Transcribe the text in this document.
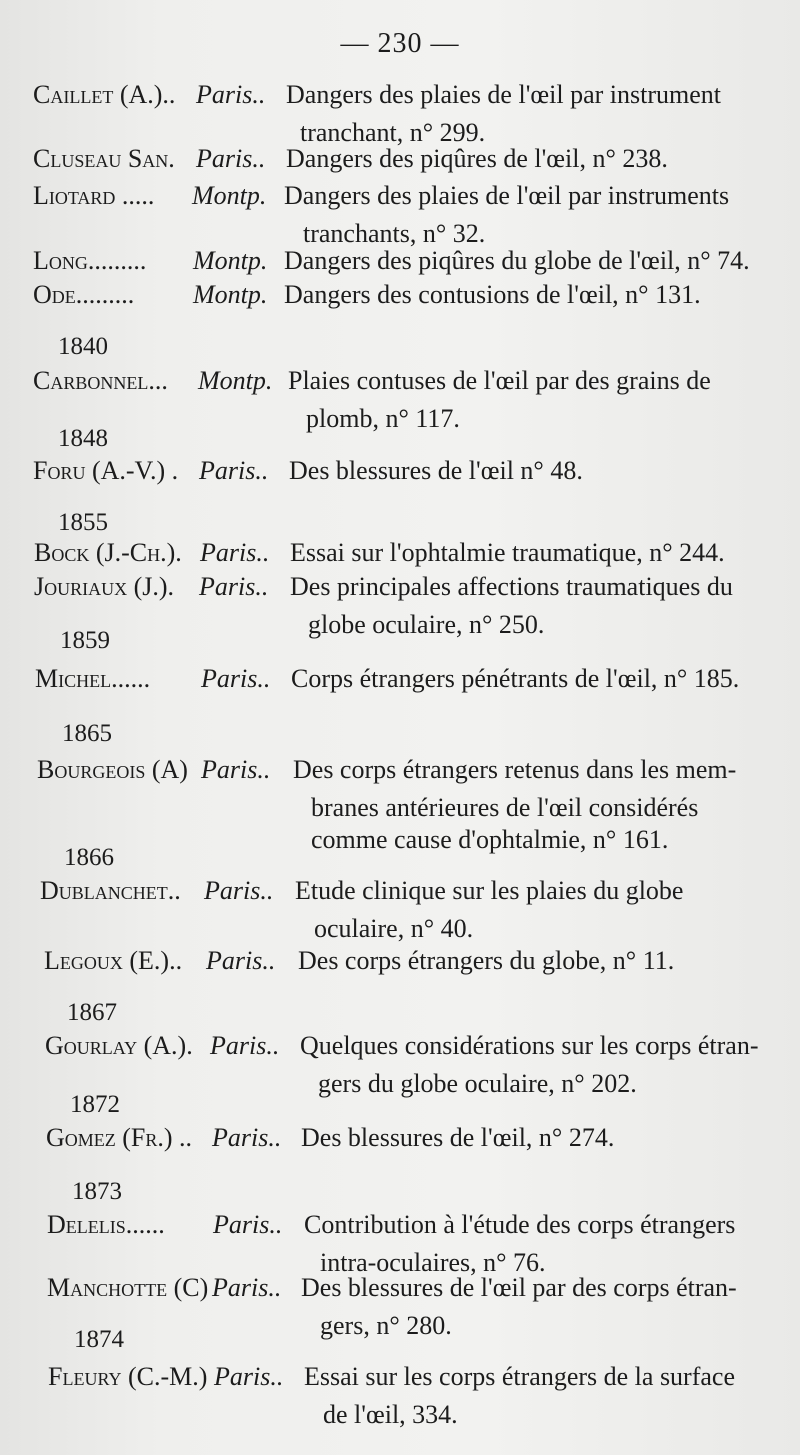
— 230 —
Caillet (A.).. Paris.. Dangers des plaies de l'œil par instrument
tranchant, n° 299.
Cluseau San. Paris.. Dangers des piqûres de l'œil, n° 238.
Liotard ..... Montp. Dangers des plaies de l'œil par instruments
tranchants, n° 32.
Long......... Montp. Dangers des piqûres du globe de l'œil, n° 74.
Ode......... Montp. Dangers des contusions de l'œil, n° 131.
1840
Carbonnel... Montp. Plaies contuses de l'œil par des grains de
plomb, n° 117.
1848
Foru (A.-V.) . Paris.. Des blessures de l'œil n° 48.
1855
Bock (J.-Ch.). Paris.. Essai sur l'ophtalmie traumatique, n° 244.
Jouriaux (J.). Paris.. Des principales affections traumatiques du
globe oculaire, n° 250.
1859
Michel...... Paris.. Corps étrangers pénétrants de l'œil, n° 185.
1865
Bourgeois (A) Paris.. Des corps étrangers retenus dans les mem-
branes antérieures de l'œil considérés
comme cause d'ophtalmie, n° 161.
1866
Dublanchet.. Paris.. Etude clinique sur les plaies du globe
oculaire, n° 40.
Legoux (E.).. Paris.. Des corps étrangers du globe, n° 11.
1867
Gourlay (A.). Paris.. Quelques considérations sur les corps étran-
gers du globe oculaire, n° 202.
1872
Gomez (Fr.) .. Paris.. Des blessures de l'œil, n° 274.
1873
Delelis...... Paris.. Contribution à l'étude des corps étrangers
intra-oculaires, n° 76.
Manchotte (C) Paris.. Des blessures de l'œil par des corps étran-
gers, n° 280.
1874
Fleury (C.-M.) Paris.. Essai sur les corps étrangers de la surface
de l'œil, 334.
